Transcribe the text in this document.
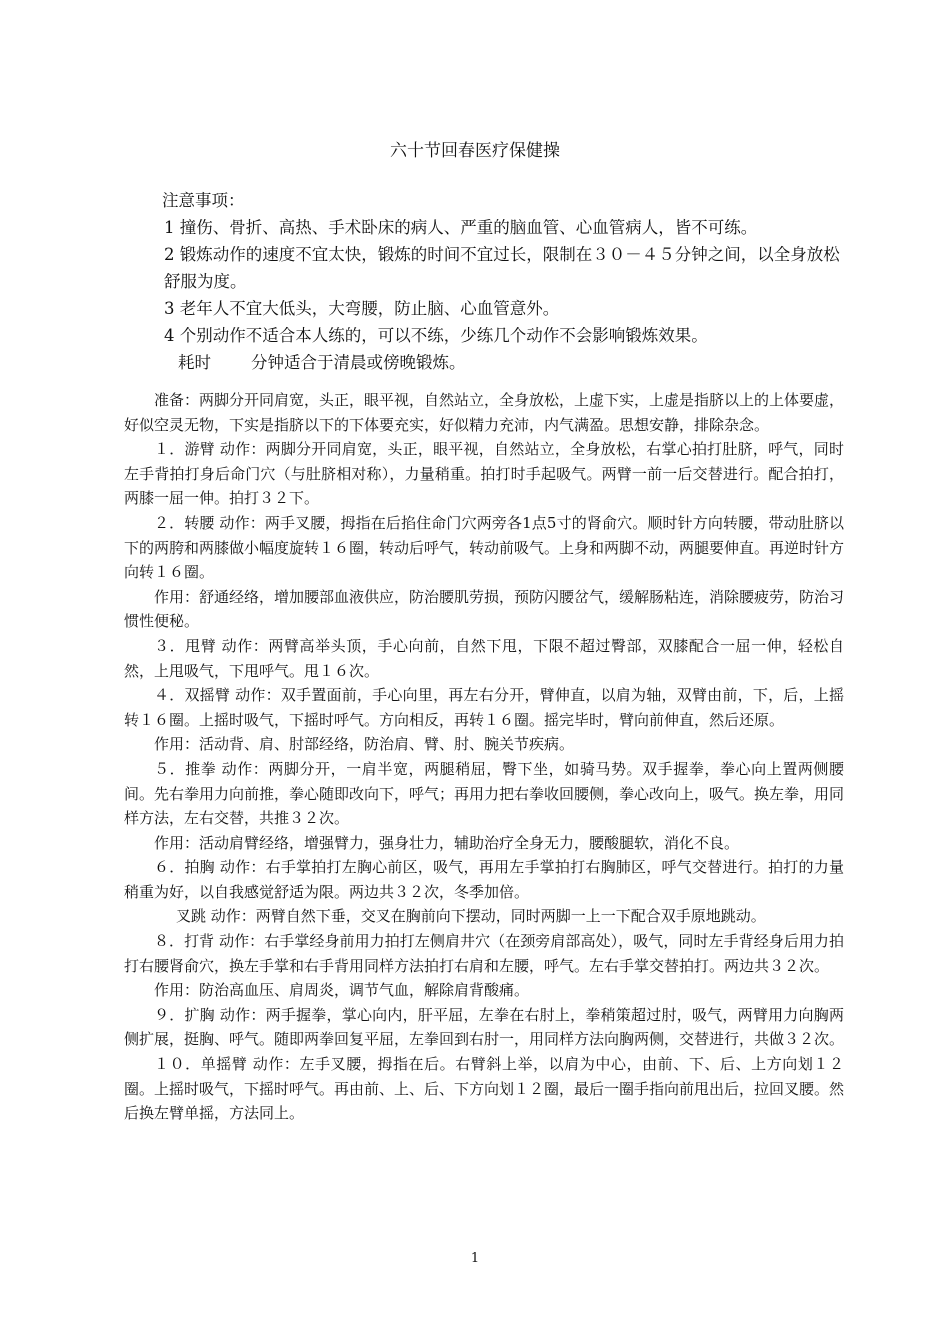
六十节回春医疗保健操

注意事项：

1 撞伤、骨折、高热、手术卧床的病人、严重的脑血管、心血管病人，皆不可练。

2 锻炼动作的速度不宜太快，锻炼的时间不宜过长，限制在３０－４５分钟之间，以全身放松舒服为度。

3 老年人不宜大低头，大弯腰，防止脑、心血管意外。

4 个别动作不适合本人练的，可以不练，少练几个动作不会影响锻炼效果。

耗时 分钟适合于清晨或傍晚锻炼。

准备：两脚分开同肩宽，头正，眼平视，自然站立，全身放松，上虚下实，上虚是指脐以上的上体要虚，好似空灵无物，下实是指脐以下的下体要充实，好似精力充沛，内气满盈。思想安静，排除杂念。

１．游臂 动作：两脚分开同肩宽，头正，眼平视，自然站立，全身放松，右掌心拍打肚脐，呼气，同时左手背拍打身后命门穴（与肚脐相对称），力量稍重。拍打时手起吸气。两臂一前一后交替进行。配合拍打，两膝一屈一伸。拍打３２下。

２．转腰 动作：两手叉腰，拇指在后掐住命门穴两旁各1点5寸的肾俞穴。顺时针方向转腰，带动肚脐以下的两胯和两膝做小幅度旋转１６圈，转动后呼气，转动前吸气。上身和两脚不动，两腿要伸直。再逆时针方向转１６圈。

作用：舒通经络，增加腰部血液供应，防治腰肌劳损，预防闪腰岔气，缓解肠粘连，消除腰疲劳，防治习惯性便秘。

３．甩臂 动作：两臂高举头顶，手心向前，自然下甩，下限不超过臀部，双膝配合一屈一伸，轻松自然，上甩吸气，下甩呼气。甩１６次。

４．双摇臂 动作：双手置面前，手心向里，再左右分开，臂伸直，以肩为轴，双臂由前，下，后，上摇转１６圈。上摇时吸气，下摇时呼气。方向相反，再转１６圈。摇完毕时，臂向前伸直，然后还原。

作用：活动背、肩、肘部经络，防治肩、臂、肘、腕关节疾病。

５．推拳 动作：两脚分开，一肩半宽，两腿稍屈，臀下坐，如骑马势。双手握拳，拳心向上置两侧腰间。先右拳用力向前推，拳心随即改向下，呼气；再用力把右拳收回腰侧，拳心改向上，吸气。换左拳，用同样方法，左右交替，共推３２次。

作用：活动肩臂经络，增强臂力，强身壮力，辅助治疗全身无力，腰酸腿软，消化不良。

６．拍胸 动作：右手掌拍打左胸心前区，吸气，再用左手掌拍打右胸肺区，呼气交替进行。拍打的力量稍重为好，以自我感觉舒适为限。两边共３２次，冬季加倍。

叉跳 动作：两臂自然下垂，交叉在胸前向下摆动，同时两脚一上一下配合双手原地跳动。

８．打背 动作：右手掌经身前用力拍打左侧肩井穴（在颈旁肩部高处），吸气，同时左手背经身后用力拍打右腰肾俞穴，换左手掌和右手背用同样方法拍打右肩和左腰，呼气。左右手掌交替拍打。两边共３２次。

作用：防治高血压、肩周炎，调节气血，解除肩背酸痛。

９．扩胸 动作：两手握拳，掌心向内，肝平屈，左拳在右肘上，拳稍策超过肘，吸气，两臂用力向胸两侧扩展，挺胸、呼气。随即两拳回复平屈，左拳回到右肘一，用同样方法向胸两侧，交替进行，共做３２次。

１０．单摇臂 动作：左手叉腰，拇指在后。右臂斜上举，以肩为中心，由前、下、后、上方向划１２圈。上摇时吸气，下摇时呼气。再由前、上、后、下方向划１２圈，最后一圈手指向前甩出后，拉回叉腰。然后换左臂单摇，方法同上。

1
